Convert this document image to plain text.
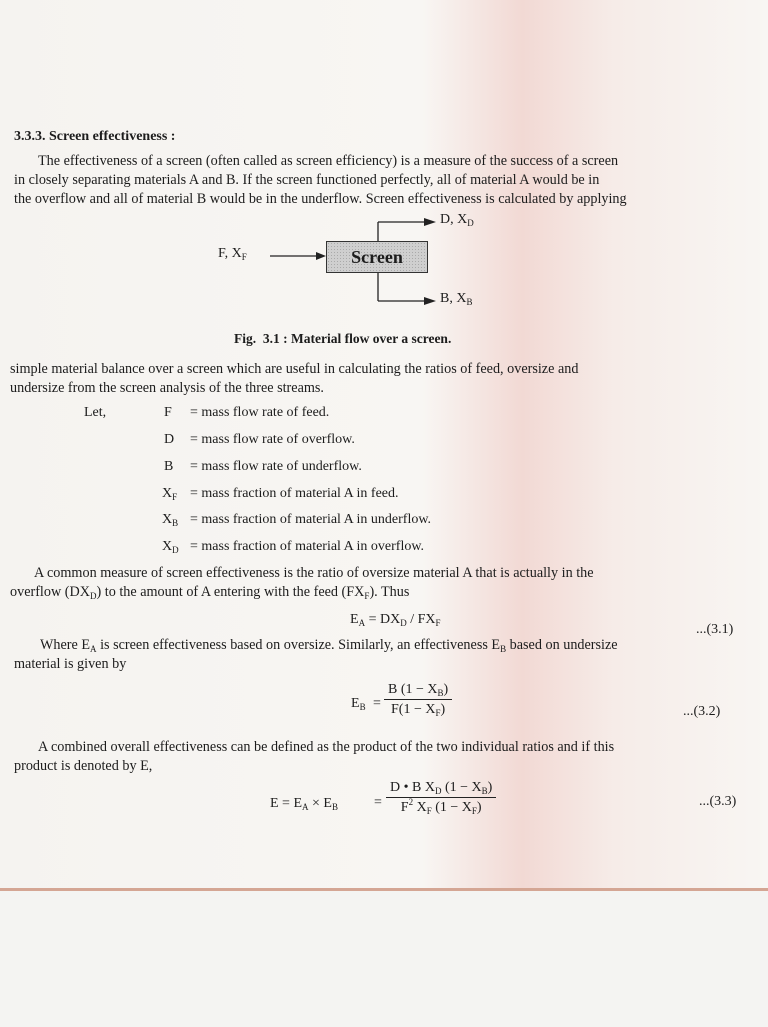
3.3.3. Screen effectiveness :
The effectiveness of a screen (often called as screen efficiency) is a measure of the success of a screen
in closely separating materials A and B. If the screen functioned perfectly, all of material A would be in
the overflow and all of material B would be in the underflow. Screen effectiveness is calculated by applying
Screen
F, $X_F$
D, $X_D$
B, $X_B$
Fig. 3.1 : Material flow over a screen.
simple material balance over a screen which are useful in calculating the ratios of feed, oversize and
undersize from the screen analysis of the three streams.
Let,	F = mass flow rate of feed.
D = mass flow rate of overflow.
B = mass flow rate of underflow.
$X_F$ = mass fraction of material A in feed.
$X_B$ = mass fraction of material A in underflow.
$X_D$ = mass fraction of material A in overflow.
A common measure of screen effectiveness is the ratio of oversize material A that is actually in the
overflow $(DX_D)$ to the amount of A entering with the feed $(FX_F)$. Thus
$E_A = DX_D / FX_F$	...(3.1)
Where $E_A$ is screen effectiveness based on oversize. Similarly, an effectiveness $E_B$ based on undersize
material is given by
$E_B = \frac{B (1 - X_B)}{F(1 - X_F)}$	...(3.2)
A combined overall effectiveness can be defined as the product of the two individual ratios and if this
product is denoted by E,
$E = E_A \times E_B$	= $\frac{D • B X_D (1 - X_B)}{F^2 X_F (1 - X_F)}$	...(3.3)
